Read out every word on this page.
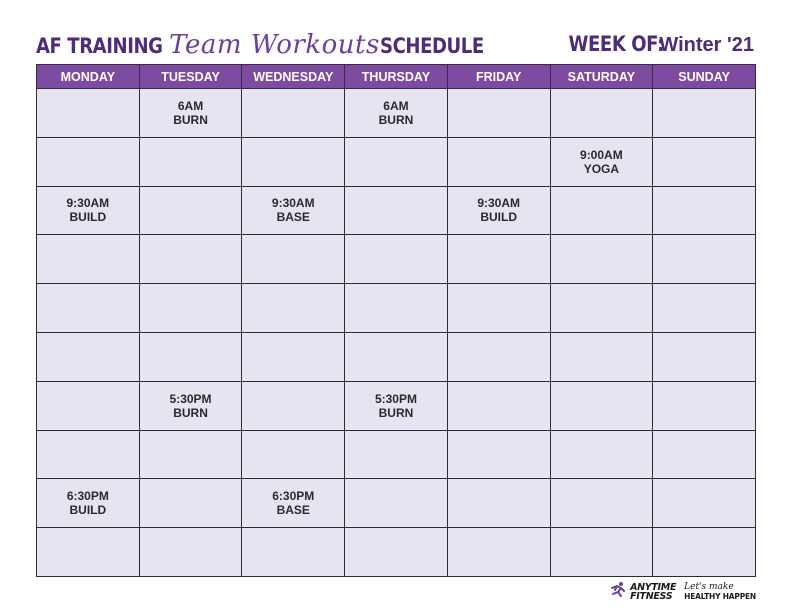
AF TRAINING Team Workouts SCHEDULE	WEEK OF:
Winter '21
MONDAY	TUESDAY	WEDNESDAY	THURSDAY	FRIDAY	SATURDAY	SUNDAY

	6AM
BURN		6AM
BURN			

					9:00AM
YOGA	

9:30AM
BUILD		9:30AM
BASE		9:30AM
BUILD		

	5:30PM
BURN		5:30PM
BURN			

6:30PM
BUILD		6:30PM
BASE				

ANYTIME
FITNESS
Let's make
HEALTHY HAPPEN
